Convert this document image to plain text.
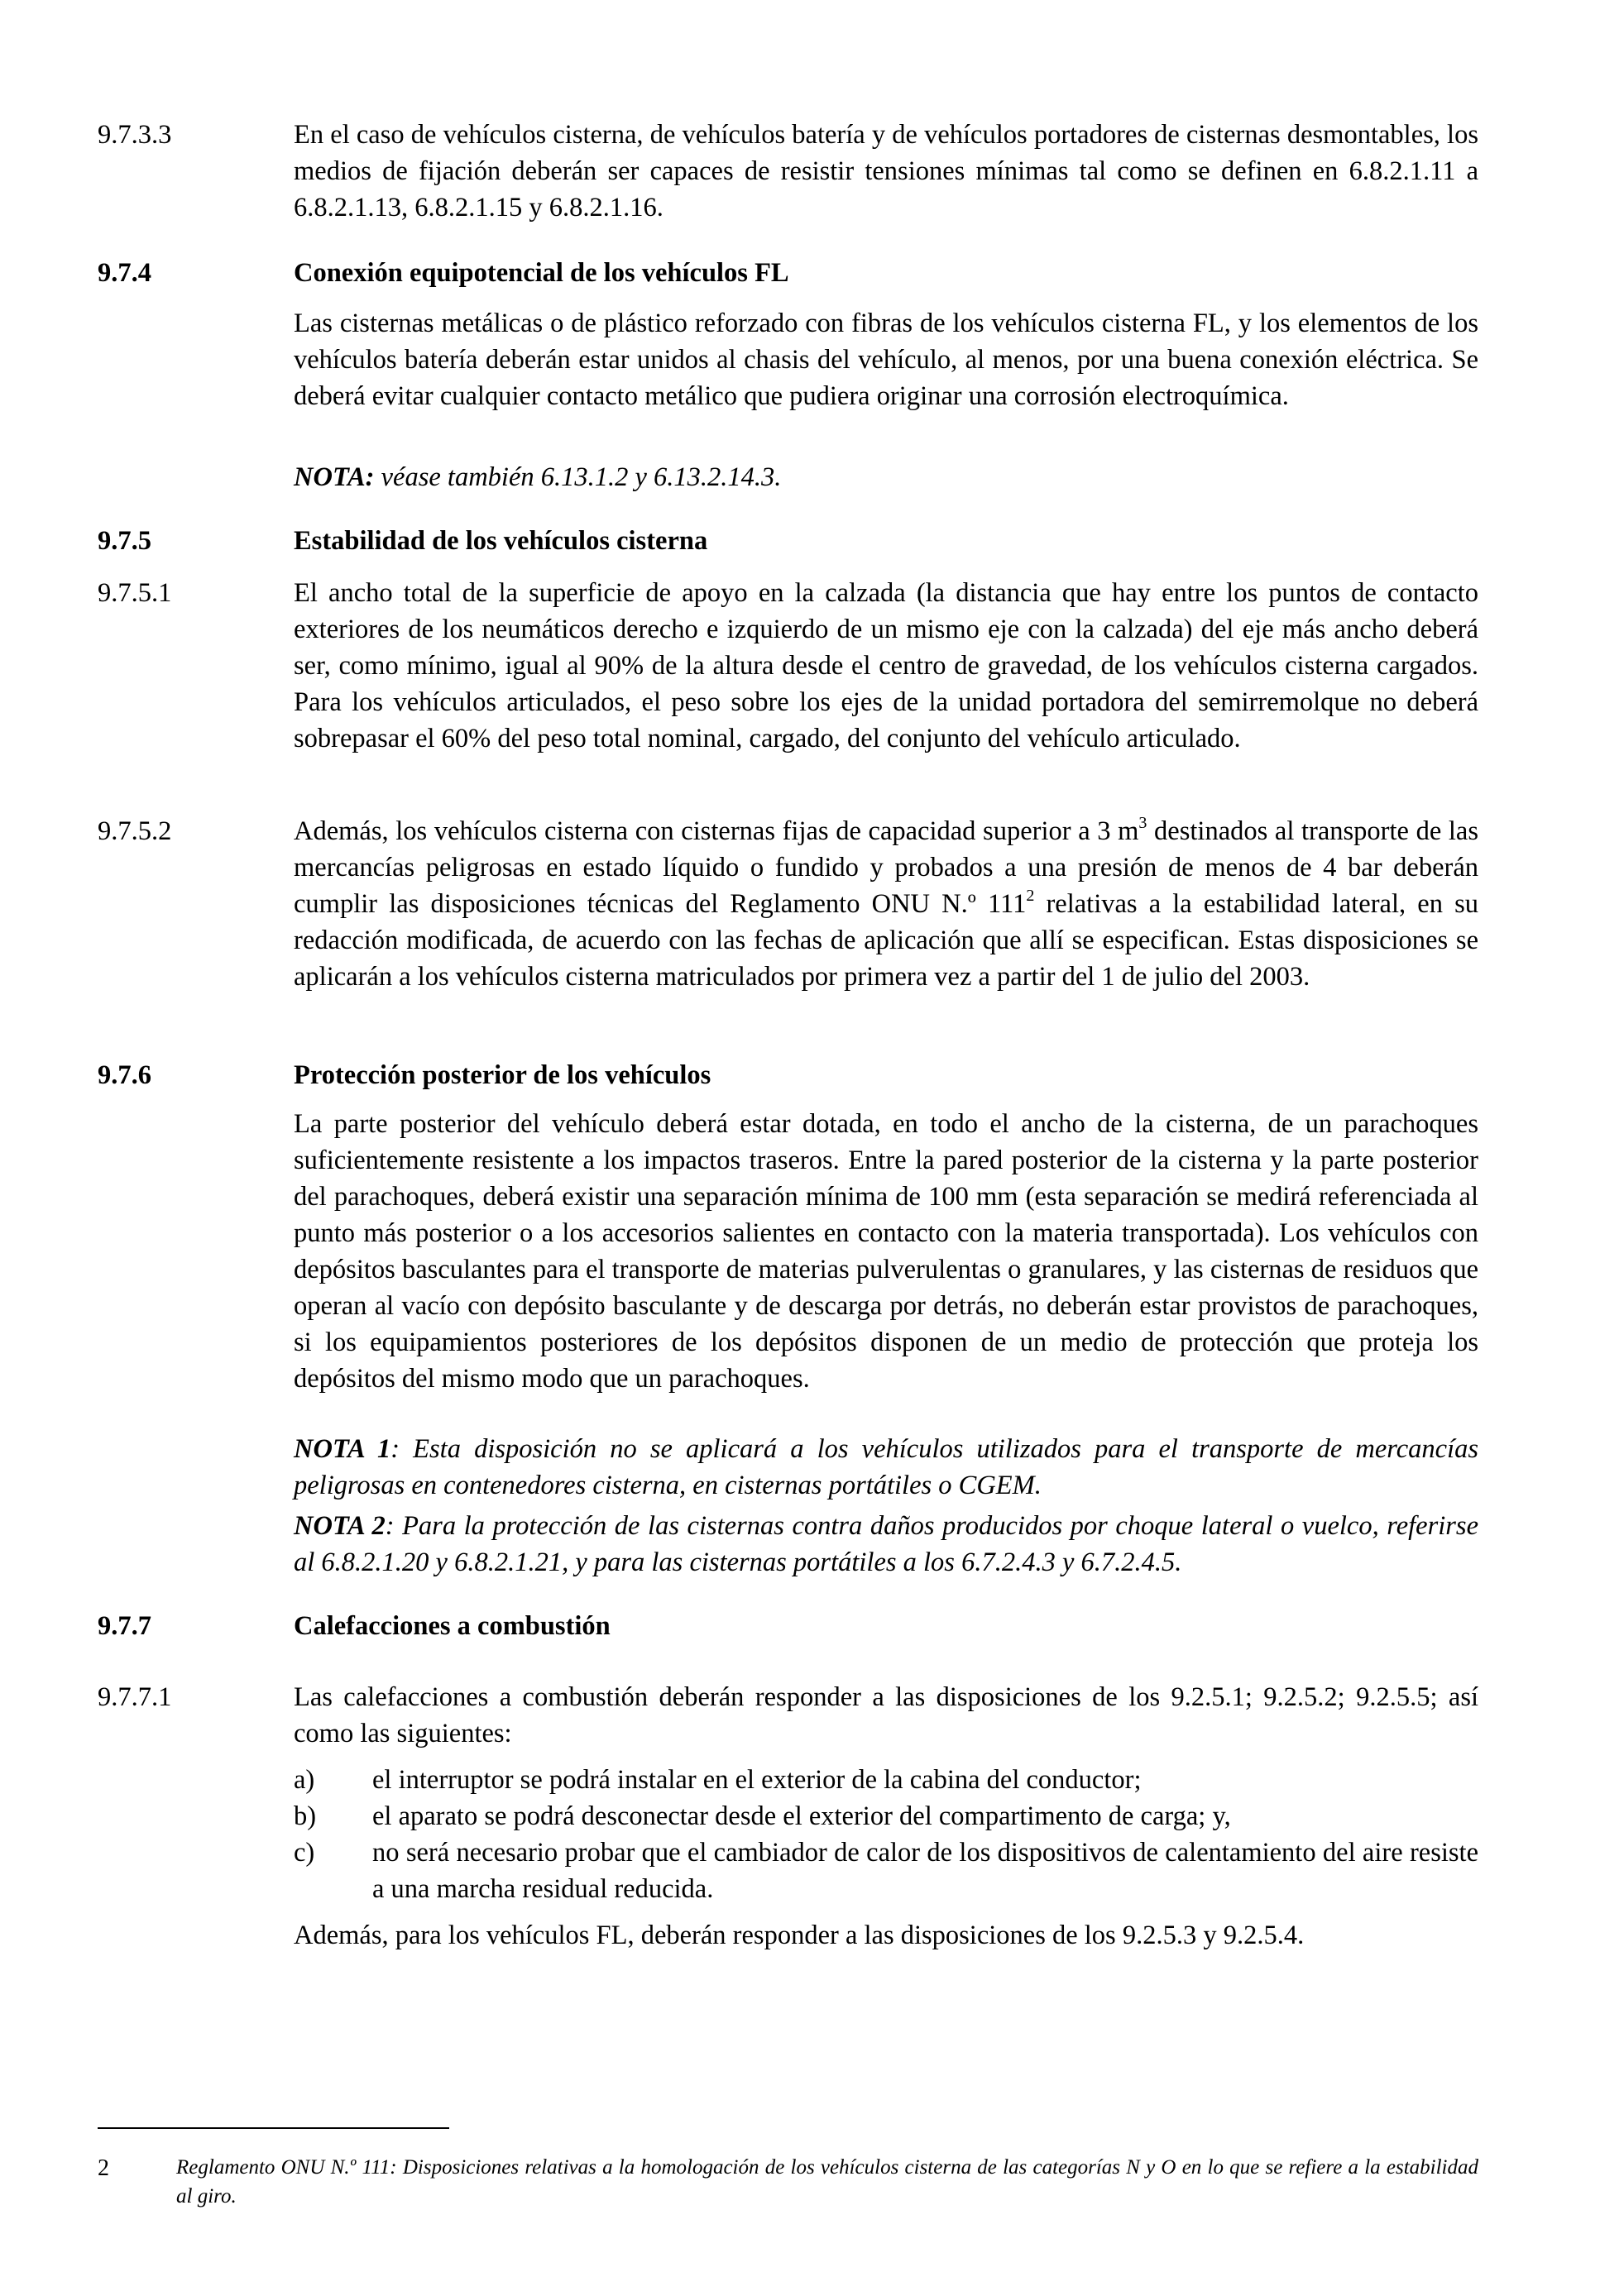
9.7.3.3	En el caso de vehículos cisterna, de vehículos batería y de vehículos portadores de cisternas desmontables, los medios de fijación deberán ser capaces de resistir tensiones mínimas tal como se definen en 6.8.2.1.11 a 6.8.2.1.13, 6.8.2.1.15 y 6.8.2.1.16.
9.7.4	Conexión equipotencial de los vehículos FL
Las cisternas metálicas o de plástico reforzado con fibras de los vehículos cisterna FL, y los elementos de los vehículos batería deberán estar unidos al chasis del vehículo, al menos, por una buena conexión eléctrica. Se deberá evitar cualquier contacto metálico que pudiera originar una corrosión electroquímica.
NOTA: véase también 6.13.1.2 y 6.13.2.14.3.
9.7.5	Estabilidad de los vehículos cisterna
9.7.5.1	El ancho total de la superficie de apoyo en la calzada (la distancia que hay entre los puntos de contacto exteriores de los neumáticos derecho e izquierdo de un mismo eje con la calzada) del eje más ancho deberá ser, como mínimo, igual al 90% de la altura desde el centro de gravedad, de los vehículos cisterna cargados. Para los vehículos articulados, el peso sobre los ejes de la unidad portadora del semirremolque no deberá sobrepasar el 60% del peso total nominal, cargado, del conjunto del vehículo articulado.
9.7.5.2	Además, los vehículos cisterna con cisternas fijas de capacidad superior a 3 $m^3$ destinados al transporte de las mercancías peligrosas en estado líquido o fundido y probados a una presión de menos de 4 bar deberán cumplir las disposiciones técnicas del Reglamento ONU N.º $111^2$ relativas a la estabilidad lateral, en su redacción modificada, de acuerdo con las fechas de aplicación que allí se especifican. Estas disposiciones se aplicarán a los vehículos cisterna matriculados por primera vez a partir del 1 de julio del 2003.
9.7.6	Protección posterior de los vehículos
La parte posterior del vehículo deberá estar dotada, en todo el ancho de la cisterna, de un parachoques suficientemente resistente a los impactos traseros. Entre la pared posterior de la cisterna y la parte posterior del parachoques, deberá existir una separación mínima de 100 mm (esta separación se medirá referenciada al punto más posterior o a los accesorios salientes en contacto con la materia transportada). Los vehículos con depósitos basculantes para el transporte de materias pulverulentas o granulares, y las cisternas de residuos que operan al vacío con depósito basculante y de descarga por detrás, no deberán estar provistos de parachoques, si los equipamientos posteriores de los depósitos disponen de un medio de protección que proteja los depósitos del mismo modo que un parachoques.
NOTA 1: Esta disposición no se aplicará a los vehículos utilizados para el transporte de mercancías peligrosas en contenedores cisterna, en cisternas portátiles o CGEM.
NOTA 2: Para la protección de las cisternas contra daños producidos por choque lateral o vuelco, referirse al 6.8.2.1.20 y 6.8.2.1.21, y para las cisternas portátiles a los 6.7.2.4.3 y 6.7.2.4.5.
9.7.7	Calefacciones a combustión
9.7.7.1	Las calefacciones a combustión deberán responder a las disposiciones de los 9.2.5.1; 9.2.5.2; 9.2.5.5; así como las siguientes:
a) el interruptor se podrá instalar en el exterior de la cabina del conductor;
b) el aparato se podrá desconectar desde el exterior del compartimento de carga; y,
c) no será necesario probar que el cambiador de calor de los dispositivos de calentamiento del aire resiste a una marcha residual reducida.
Además, para los vehículos FL, deberán responder a las disposiciones de los 9.2.5.3 y 9.2.5.4.
2	Reglamento ONU N.º 111: Disposiciones relativas a la homologación de los vehículos cisterna de las categorías N y O en lo que se refiere a la estabilidad al giro.
